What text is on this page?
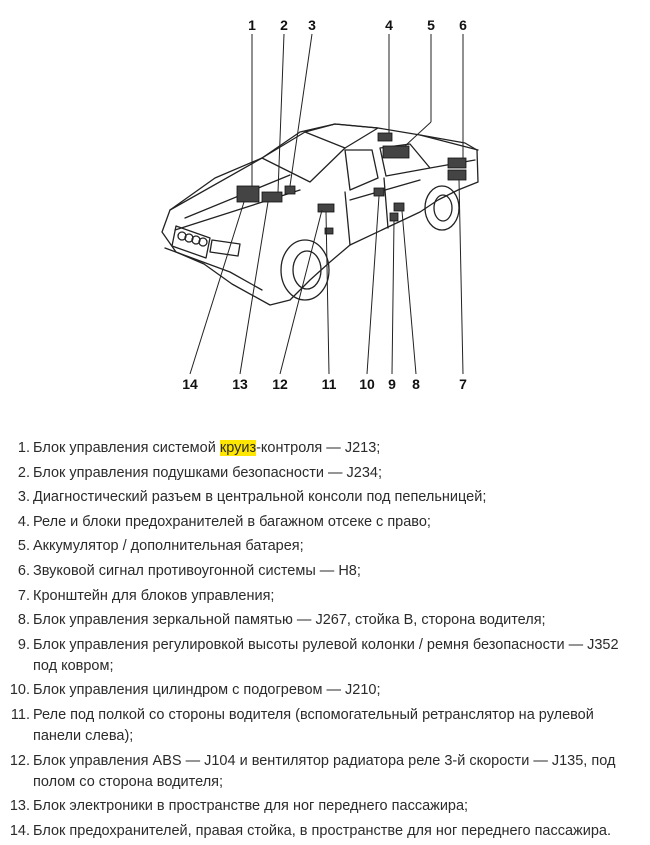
1	2	3	4	5	6
7
8
9
10
11
12
13
14
1. Блок управления системой круиз-контроля — J213;
2. Блок управления подушками безопасности — J234;
3. Диагностический разъем в центральной консоли под пепельницей;
4. Реле и блоки предохранителей в багажном отсеке с право;
5. Аккумулятор / дополнительная батарея;
6. Звуковой сигнал противоугонной системы — H8;
7. Кронштейн для блоков управления;
8. Блок управления зеркальной памятью — J267, стойка B, сторона водителя;
9. Блок управления регулировкой высоты рулевой колонки / ремня безопасности — J352 под ковром;
10. Блок управления цилиндром с подогревом — J210;
11. Реле под полкой со стороны водителя (вспомогательный ретранслятор на рулевой панели слева);
12. Блок управления ABS — J104 и вентилятор радиатора реле 3-й скорости — J135, под полом со сторона водителя;
13. Блок электроники в пространстве для ног переднего пассажира;
14. Блок предохранителей, правая стойка, в пространстве для ног переднего пассажира.
